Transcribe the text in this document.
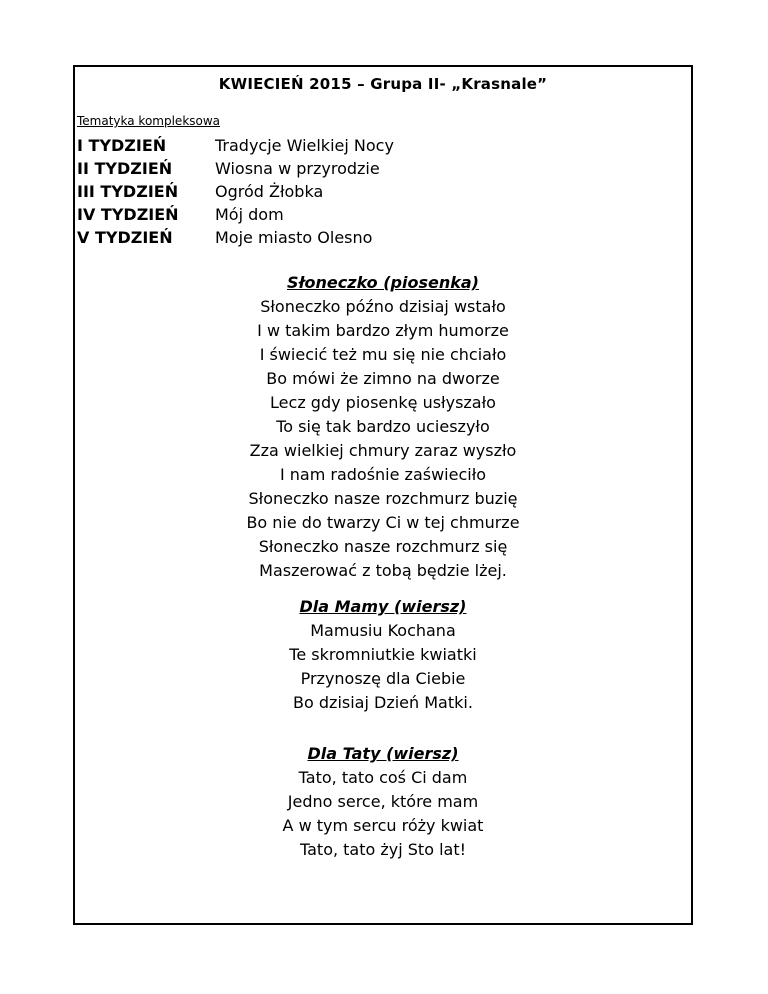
KWIECIEŃ 2015 – Grupa II- „Krasnale”
Tematyka kompleksowa
I TYDZIEŃ	Tradycje Wielkiej Nocy
II TYDZIEŃ	Wiosna w przyrodzie
III TYDZIEŃ	Ogród Żłobka
IV TYDZIEŃ	Mój dom
V TYDZIEŃ	Moje miasto Olesno
Słoneczko (piosenka)
Słoneczko późno dzisiaj wstało
I w takim bardzo złym humorze
I świecić też mu się nie chciało
Bo mówi że zimno na dworze
Lecz gdy piosenkę usłyszało
To się tak bardzo ucieszyło
Zza wielkiej chmury zaraz wyszło
I nam radośnie zaświeciło
Słoneczko nasze rozchmurz buzię
Bo nie do twarzy Ci w tej chmurze
Słoneczko nasze rozchmurz się
Maszerować z tobą będzie lżej.
Dla Mamy (wiersz)
Mamusiu Kochana
Te skromniutkie kwiatki
Przynoszę dla Ciebie
Bo dzisiaj Dzień Matki.
Dla Taty (wiersz)
Tato, tato coś Ci dam
Jedno serce, które mam
A w tym sercu róży kwiat
Tato, tato żyj Sto lat!
